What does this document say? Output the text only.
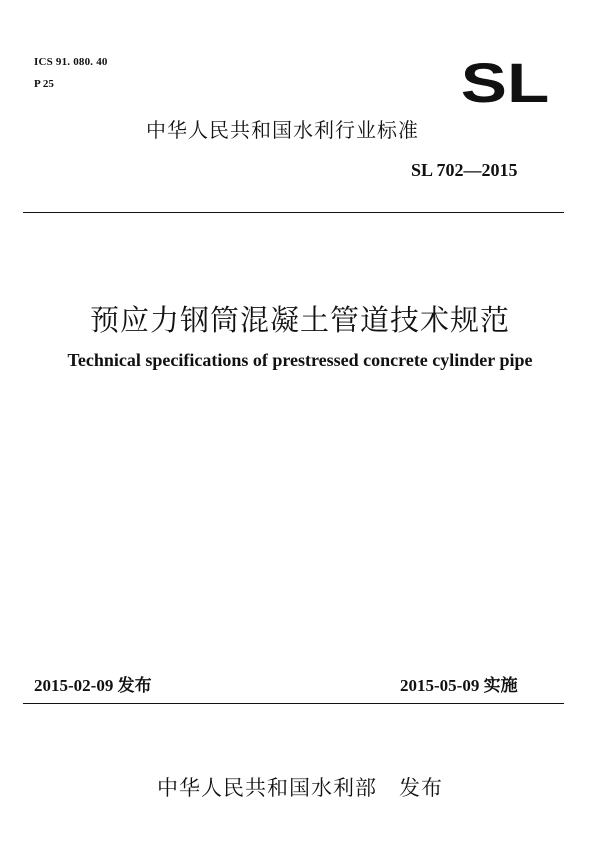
ICS 91. 080. 40
P 25	SL
中华人民共和国水利行业标准
SL 702—2015
预应力钢筒混凝土管道技术规范
Technical specifications of prestressed concrete cylinder pipe
2015-02-09 发布	2015-05-09 实施
中华人民共和国水利部　发布
